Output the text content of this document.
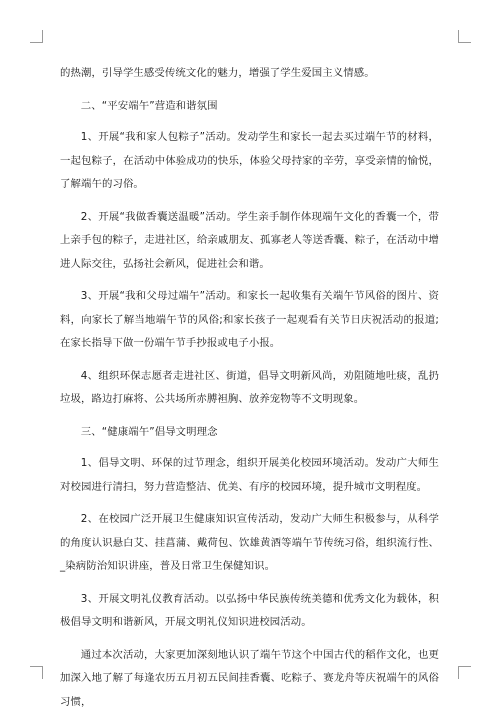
的热潮，引导学生感受传统文化的魅力，增强了学生爱国主义情感。

二、“平安端午”营造和谐氛围

1、开展“我和家人包粽子”活动。发动学生和家长一起去买过端午节的材料，一起包粽子，在活动中体验成功的快乐，体验父母持家的辛劳，享受亲情的愉悦，了解端午的习俗。

2、开展“我做香囊送温暖”活动。学生亲手制作体现端午文化的香囊一个，带上亲手包的粽子，走进社区，给亲戚朋友、孤寡老人等送香囊、粽子，在活动中增进人际交往，弘扬社会新风，促进社会和谐。

3、开展“我和父母过端午”活动。和家长一起收集有关端午节风俗的图片、资料，向家长了解当地端午节的风俗;和家长孩子一起观看有关节日庆祝活动的报道;在家长指导下做一份端午节手抄报或电子小报。

4、组织环保志愿者走进社区、街道，倡导文明新风尚，劝阻随地吐痰，乱扔垃圾，路边打麻将、公共场所赤膊袒胸、放养宠物等不文明现象。

三、“健康端午”倡导文明理念

1、倡导文明、环保的过节理念，组织开展美化校园环境活动。发动广大师生对校园进行清扫，努力营造整洁、优美、有序的校园环境，提升城市文明程度。

2、在校园广泛开展卫生健康知识宣传活动，发动广大师生积极参与，从科学的角度认识悬白艾、挂菖蒲、戴荷包、饮雄黄酒等端午节传统习俗，组织流行性、_染病防治知识讲座，普及日常卫生保健知识。

3、开展文明礼仪教育活动。以弘扬中华民族传统美德和优秀文化为载体，积极倡导文明和谐新风，开展文明礼仪知识进校园活动。

通过本次活动，大家更加深刻地认识了端午节这个中国古代的稻作文化，也更加深入地了解了每逢农历五月初五民间挂香囊、吃粽子、赛龙舟等庆祝端午的风俗习惯，
